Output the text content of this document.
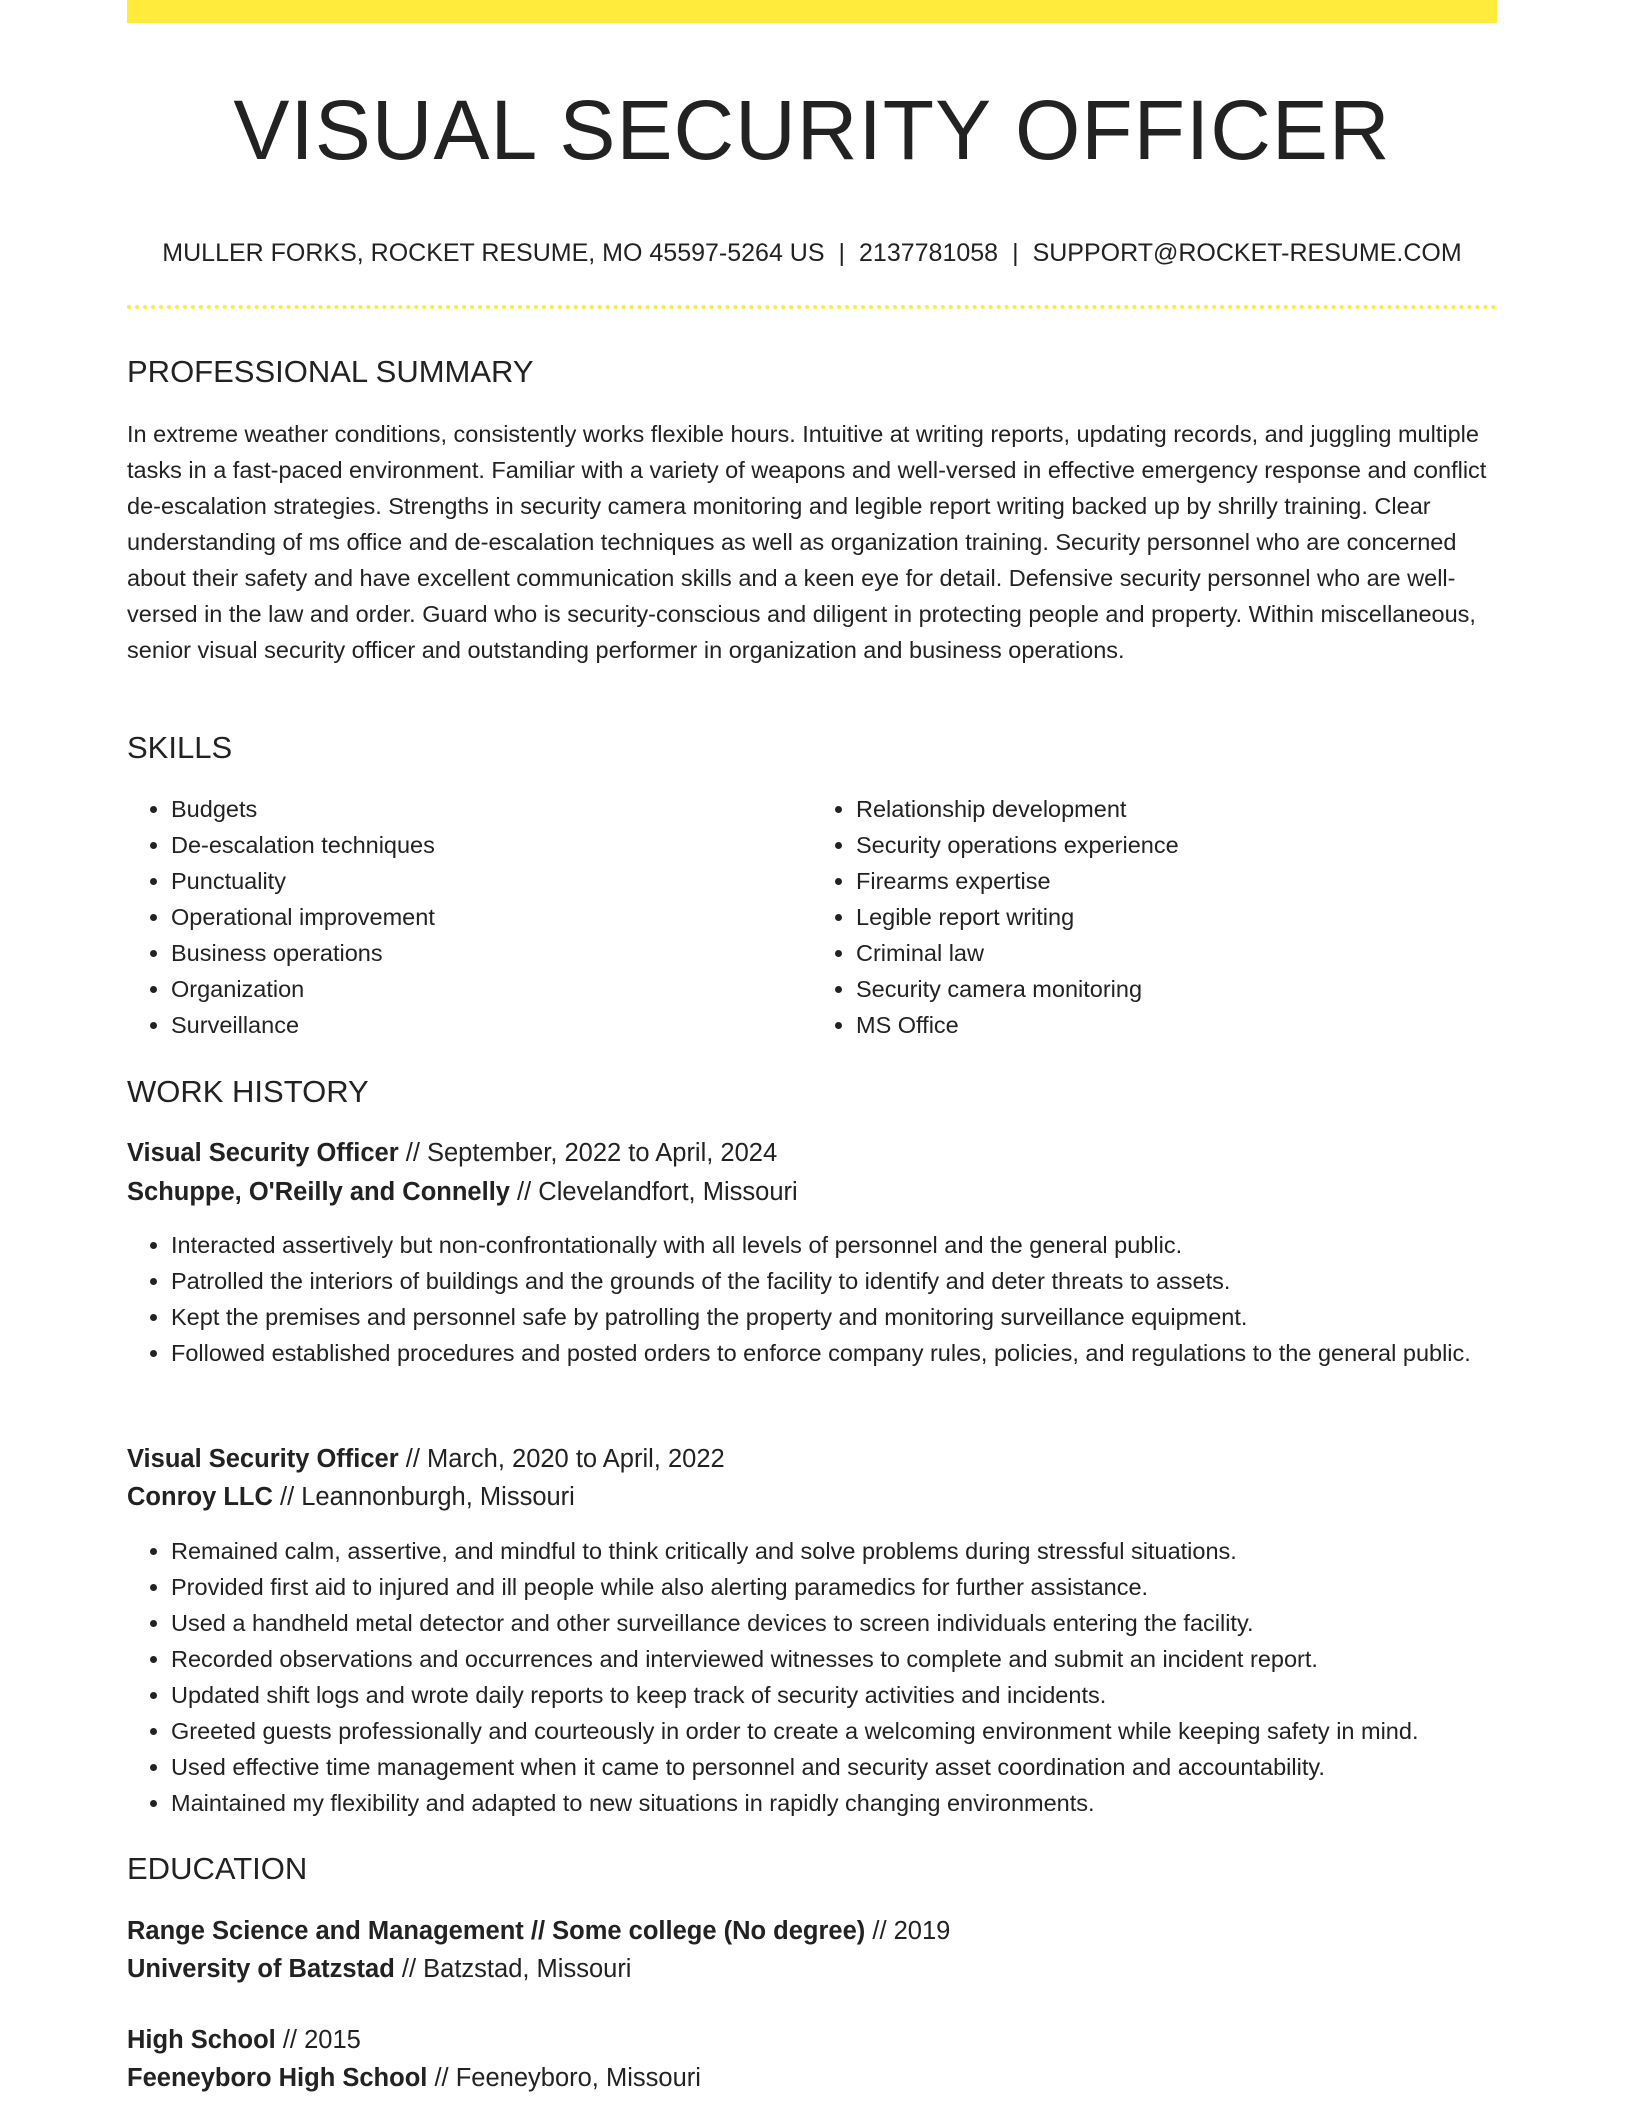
VISUAL SECURITY OFFICER
MULLER FORKS, ROCKET RESUME, MO 45597-5264 US | 2137781058 | SUPPORT@ROCKET-RESUME.COM
PROFESSIONAL SUMMARY

In extreme weather conditions, consistently works flexible hours. Intuitive at writing reports, updating records, and juggling multiple tasks in a fast-paced environment. Familiar with a variety of weapons and well-versed in effective emergency response and conflict de-escalation strategies. Strengths in security camera monitoring and legible report writing backed up by shrilly training. Clear understanding of ms office and de-escalation techniques as well as organization training. Security personnel who are concerned about their safety and have excellent communication skills and a keen eye for detail. Defensive security personnel who are well-versed in the law and order. Guard who is security-conscious and diligent in protecting people and property. Within miscellaneous, senior visual security officer and outstanding performer in organization and business operations.

SKILLS
• Budgets
• De-escalation techniques
• Punctuality
• Operational improvement
• Business operations
• Organization
• Surveillance
• Relationship development
• Security operations experience
• Firearms expertise
• Legible report writing
• Criminal law
• Security camera monitoring
• MS Office
WORK HISTORY
Visual Security Officer // September, 2022 to April, 2024
Schuppe, O'Reilly and Connelly // Clevelandfort, Missouri
• Interacted assertively but non-confrontationally with all levels of personnel and the general public.
• Patrolled the interiors of buildings and the grounds of the facility to identify and deter threats to assets.
• Kept the premises and personnel safe by patrolling the property and monitoring surveillance equipment.
• Followed established procedures and posted orders to enforce company rules, policies, and regulations to the general public.
Visual Security Officer // March, 2020 to April, 2022
Conroy LLC // Leannonburgh, Missouri
• Remained calm, assertive, and mindful to think critically and solve problems during stressful situations.
• Provided first aid to injured and ill people while also alerting paramedics for further assistance.
• Used a handheld metal detector and other surveillance devices to screen individuals entering the facility.
• Recorded observations and occurrences and interviewed witnesses to complete and submit an incident report.
• Updated shift logs and wrote daily reports to keep track of security activities and incidents.
• Greeted guests professionally and courteously in order to create a welcoming environment while keeping safety in mind.
• Used effective time management when it came to personnel and security asset coordination and accountability.
• Maintained my flexibility and adapted to new situations in rapidly changing environments.
EDUCATION
Range Science and Management // Some college (No degree) // 2019
University of Batzstad // Batzstad, Missouri
High School // 2015
Feeneyboro High School // Feeneyboro, Missouri
